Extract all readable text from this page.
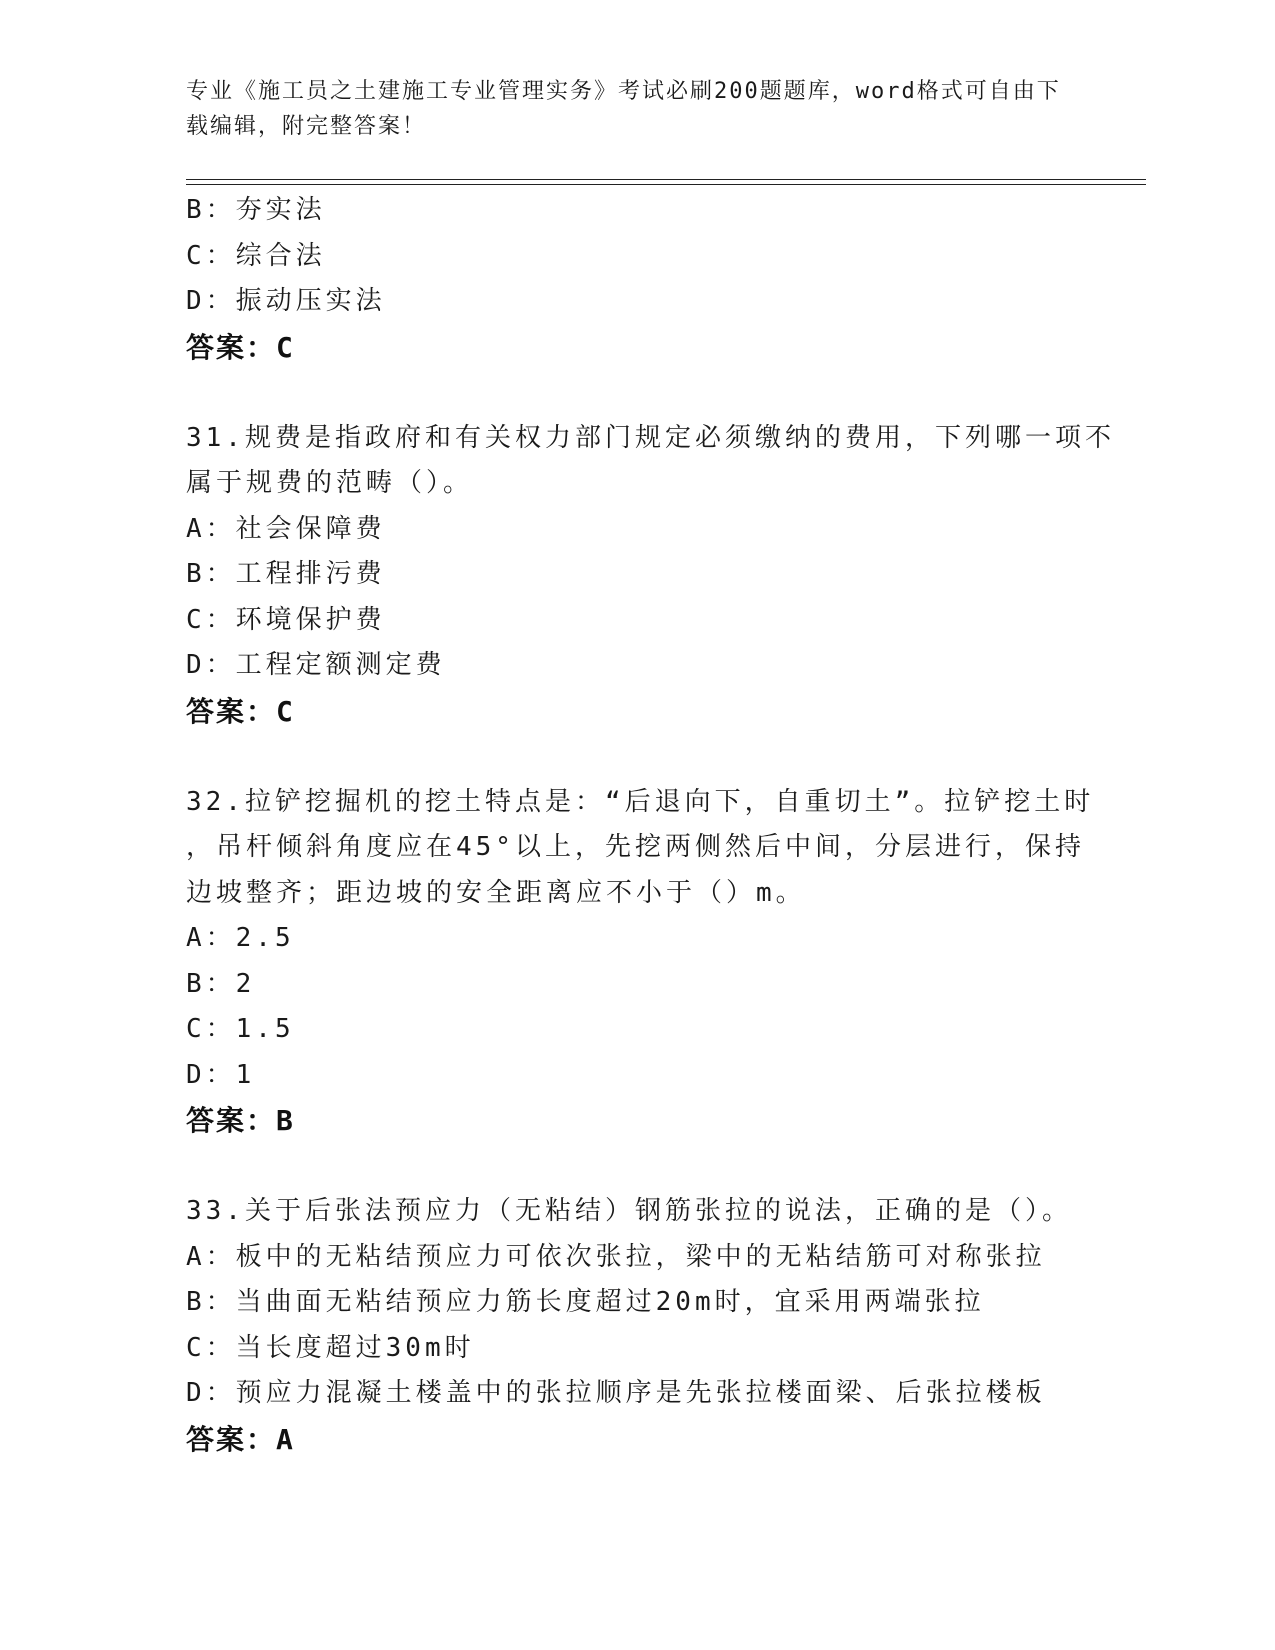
专业《施工员之土建施工专业管理实务》考试必刷200题题库，word格式可自由下载编辑，附完整答案！
B：夯实法
C：综合法
D：振动压实法
答案：C
31.规费是指政府和有关权力部门规定必须缴纳的费用，下列哪一项不
属于规费的范畴（）。
A：社会保障费
B：工程排污费
C：环境保护费
D：工程定额测定费
答案：C
32.拉铲挖掘机的挖土特点是：“后退向下，自重切土”。拉铲挖土时
，吊杆倾斜角度应在45°以上，先挖两侧然后中间，分层进行，保持
边坡整齐；距边坡的安全距离应不小于（）m。
A：2.5
B：2
C：1.5
D：1
答案：B
33.关于后张法预应力（无粘结）钢筋张拉的说法，正确的是（）。
A：板中的无粘结预应力可依次张拉，梁中的无粘结筋可对称张拉
B：当曲面无粘结预应力筋长度超过20m时，宜采用两端张拉
C：当长度超过30m时
D：预应力混凝土楼盖中的张拉顺序是先张拉楼面梁、后张拉楼板
答案：A
